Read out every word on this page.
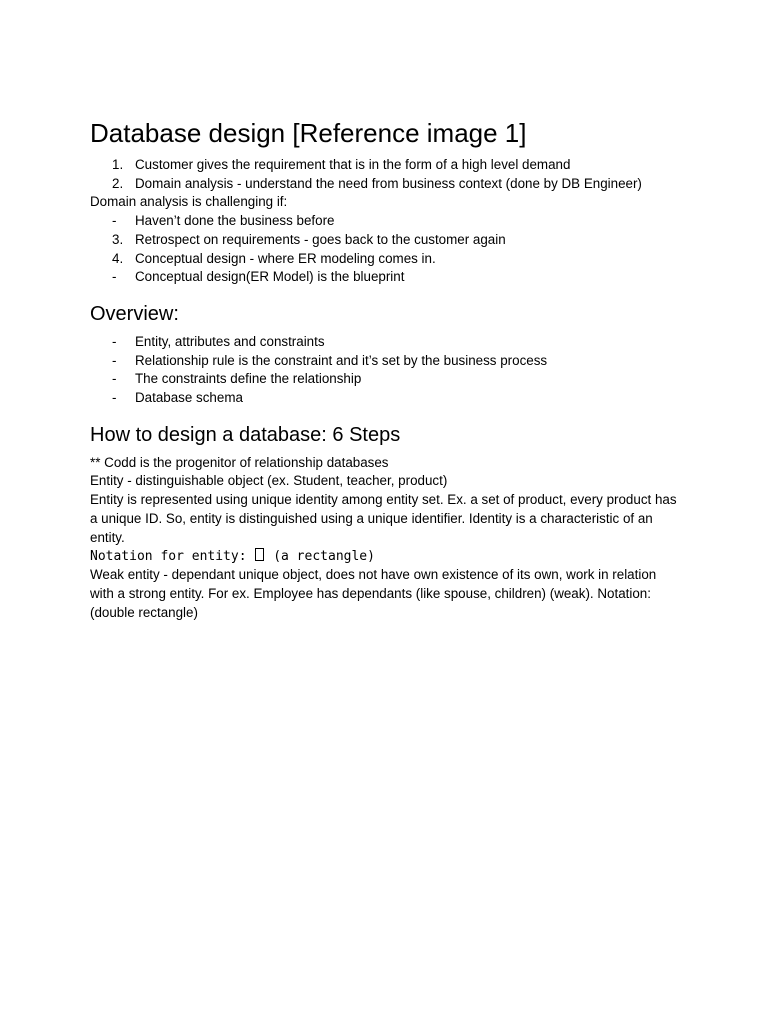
Database design [Reference image 1]
1. Customer gives the requirement that is in the form of a high level demand
2. Domain analysis - understand the need from business context (done by DB Engineer)
Domain analysis is challenging if:
-	Haven’t done the business before
3. Retrospect on requirements - goes back to the customer again
4. Conceptual design - where ER modeling comes in.
-	Conceptual design(ER Model) is the blueprint
Overview:
-	Entity, attributes and constraints
-	Relationship rule is the constraint and it’s set by the business process
-	The constraints define the relationship
-	Database schema
How to design a database: 6 Steps
** Codd is the progenitor of relationship databases
Entity - distinguishable object (ex. Student, teacher, product)
Entity is represented using unique identity among entity set. Ex. a set of product, every product has a unique ID. So, entity is distinguished using a unique identifier. Identity is a characteristic of an entity.
Notation for entity: (a rectangle)
Weak entity - dependant unique object, does not have own existence of its own, work in relation with a strong entity. For ex. Employee has dependants (like spouse, children) (weak). Notation: (double rectangle)
